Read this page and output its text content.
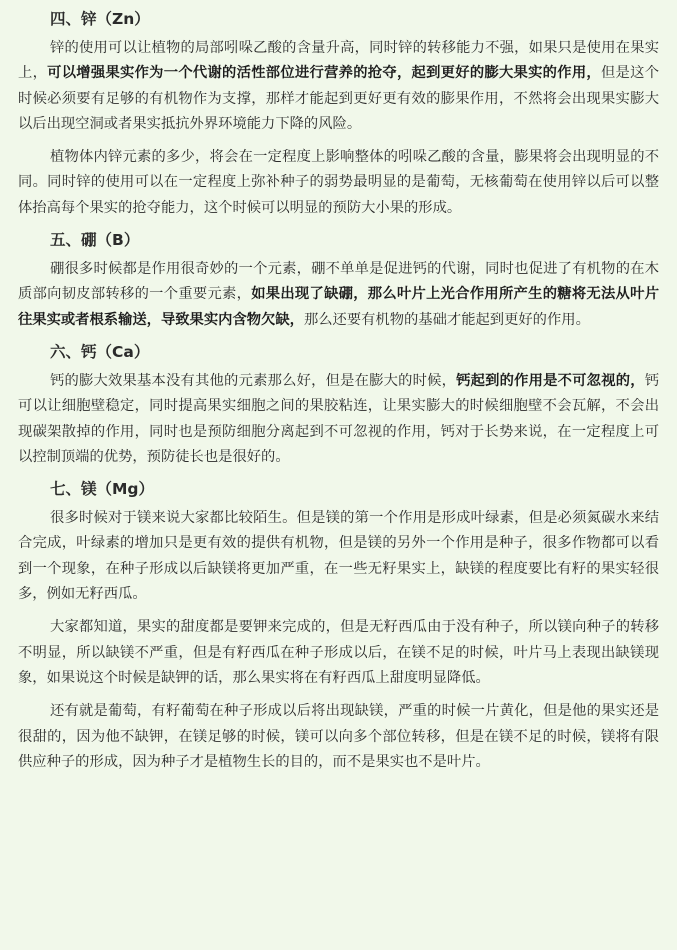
四、锌（Zn）

锌的使用可以让植物的局部吲哚乙酸的含量升高，同时锌的转移能力不强，如果只是使用在果实上，可以增强果实作为一个代谢的活性部位进行营养的抢夺，起到更好的膨大果实的作用，但是这个时候必须要有足够的有机物作为支撑，那样才能起到更好更有效的膨果作用，不然将会出现果实膨大以后出现空洞或者果实抵抗外界环境能力下降的风险。

植物体内锌元素的多少，将会在一定程度上影响整体的吲哚乙酸的含量，膨果将会出现明显的不同。同时锌的使用可以在一定程度上弥补种子的弱势最明显的是葡萄，无核葡萄在使用锌以后可以整体抬高每个果实的抢夺能力，这个时候可以明显的预防大小果的形成。

五、硼（B）

硼很多时候都是作用很奇妙的一个元素，硼不单单是促进钙的代谢，同时也促进了有机物的在木质部向韧皮部转移的一个重要元素，如果出现了缺硼，那么叶片上光合作用所产生的糖将无法从叶片往果实或者根系输送，导致果实内含物欠缺，那么还要有机物的基础才能起到更好的作用。

六、钙（Ca）

钙的膨大效果基本没有其他的元素那么好，但是在膨大的时候，钙起到的作用是不可忽视的，钙可以让细胞壁稳定，同时提高果实细胞之间的果胶粘连，让果实膨大的时候细胞壁不会瓦解，不会出现碳架散掉的作用，同时也是预防细胞分离起到不可忽视的作用，钙对于长势来说，在一定程度上可以控制顶端的优势，预防徒长也是很好的。

七、镁（Mg）

很多时候对于镁来说大家都比较陌生。但是镁的第一个作用是形成叶绿素，但是必须氮碳水来结合完成，叶绿素的增加只是更有效的提供有机物，但是镁的另外一个作用是种子，很多作物都可以看到一个现象，在种子形成以后缺镁将更加严重，在一些无籽果实上，缺镁的程度要比有籽的果实轻很多，例如无籽西瓜。

大家都知道，果实的甜度都是要钾来完成的，但是无籽西瓜由于没有种子，所以镁向种子的转移不明显，所以缺镁不严重，但是有籽西瓜在种子形成以后，在镁不足的时候，叶片马上表现出缺镁现象，如果说这个时候是缺钾的话，那么果实将在有籽西瓜上甜度明显降低。

还有就是葡萄，有籽葡萄在种子形成以后将出现缺镁，严重的时候一片黄化，但是他的果实还是很甜的，因为他不缺钾，在镁足够的时候，镁可以向多个部位转移，但是在镁不足的时候，镁将有限供应种子的形成，因为种子才是植物生长的目的，而不是果实也不是叶片。
